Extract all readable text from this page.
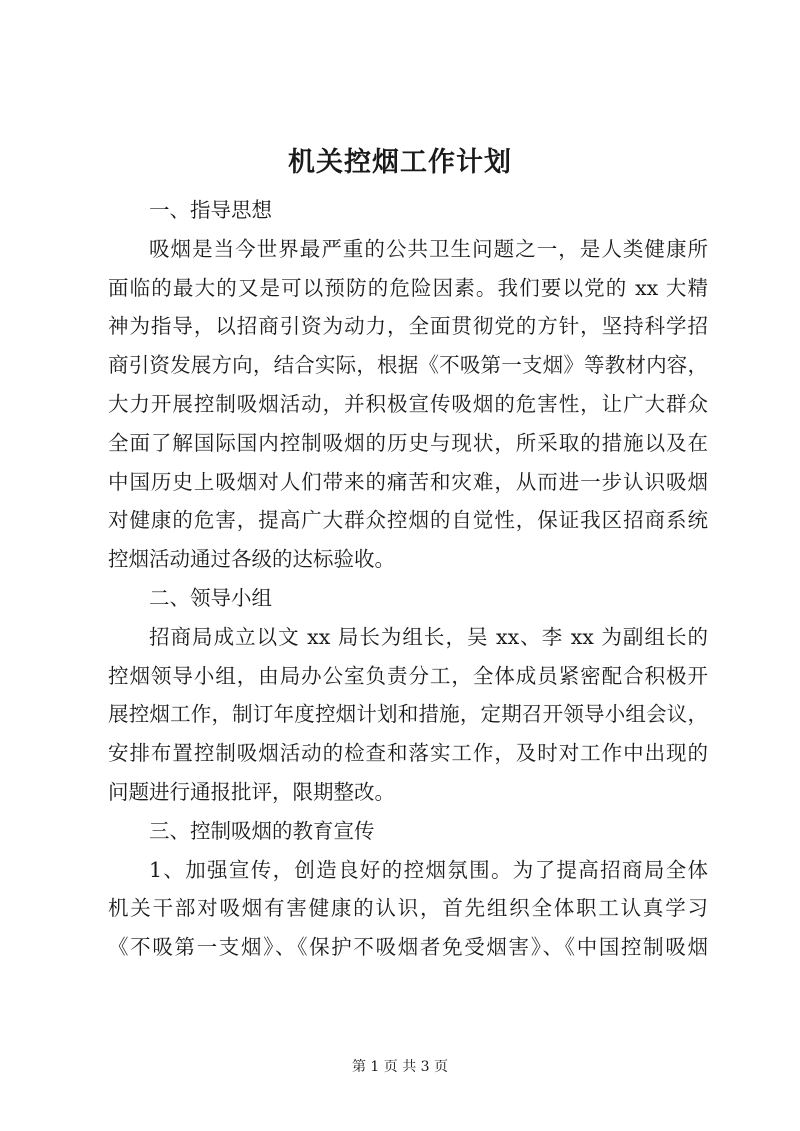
机关控烟工作计划
一、指导思想
吸烟是当今世界最严重的公共卫生问题之一，是人类健康所
面临的最大的又是可以预防的危险因素。我们要以党的 xx 大精
神为指导，以招商引资为动力，全面贯彻党的方针，坚持科学招
商引资发展方向，结合实际，根据《不吸第一支烟》等教材内容，
大力开展控制吸烟活动，并积极宣传吸烟的危害性，让广大群众
全面了解国际国内控制吸烟的历史与现状，所采取的措施以及在
中国历史上吸烟对人们带来的痛苦和灾难，从而进一步认识吸烟
对健康的危害，提高广大群众控烟的自觉性，保证我区招商系统
控烟活动通过各级的达标验收。
二、领导小组
招商局成立以文 xx 局长为组长，吴 xx、李 xx 为副组长的
控烟领导小组，由局办公室负责分工，全体成员紧密配合积极开
展控烟工作，制订年度控烟计划和措施，定期召开领导小组会议，
安排布置控制吸烟活动的检查和落实工作，及时对工作中出现的
问题进行通报批评，限期整改。
三、控制吸烟的教育宣传
1、加强宣传，创造良好的控烟氛围。为了提高招商局全体
机关干部对吸烟有害健康的认识，首先组织全体职工认真学习
《不吸第一支烟》、《保护不吸烟者免受烟害》、《中国控制吸烟
第 1 页 共 3 页
